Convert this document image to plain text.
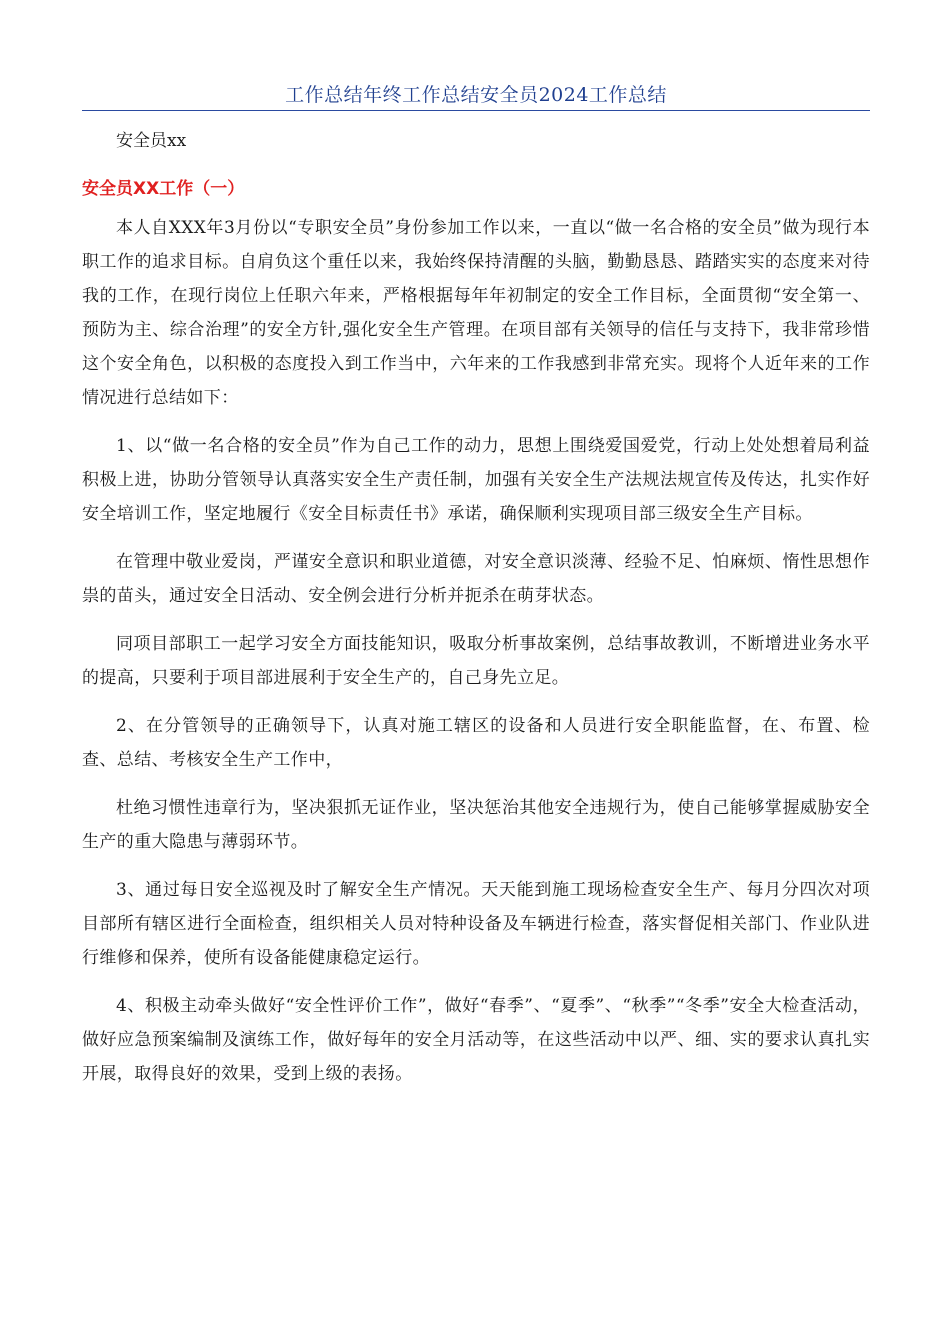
工作总结年终工作总结安全员2024工作总结
安全员xx
安全员XX工作（一）

本人自XXX年3月份以“专职安全员”身份参加工作以来，一直以“做一名合格的安全员”做为现行本职工作的追求目标。自肩负这个重任以来，我始终保持清醒的头脑，勤勤恳恳、踏踏实实的态度来对待我的工作，在现行岗位上任职六年来，严格根据每年年初制定的安全工作目标，全面贯彻“安全第一、预防为主、综合治理”的安全方针,强化安全生产管理。在项目部有关领导的信任与支持下，我非常珍惜这个安全角色，以积极的态度投入到工作当中，六年来的工作我感到非常充实。现将个人近年来的工作情况进行总结如下：

1、以“做一名合格的安全员”作为自己工作的动力，思想上围绕爱国爱党，行动上处处想着局利益积极上进，协助分管领导认真落实安全生产责任制，加强有关安全生产法规法规宣传及传达，扎实作好安全培训工作，坚定地履行《安全目标责任书》承诺，确保顺利实现项目部三级安全生产目标。

在管理中敬业爱岗，严谨安全意识和职业道德，对安全意识淡薄、经验不足、怕麻烦、惰性思想作祟的苗头，通过安全日活动、安全例会进行分析并扼杀在萌芽状态。

同项目部职工一起学习安全方面技能知识，吸取分析事故案例，总结事故教训，不断增进业务水平的提高，只要利于项目部进展利于安全生产的，自己身先立足。

2、在分管领导的正确领导下，认真对施工辖区的设备和人员进行安全职能监督，在、布置、检查、总结、考核安全生产工作中，

杜绝习惯性违章行为，坚决狠抓无证作业，坚决惩治其他安全违规行为，使自己能够掌握威胁安全生产的重大隐患与薄弱环节。

3、通过每日安全巡视及时了解安全生产情况。天天能到施工现场检查安全生产、每月分四次对项目部所有辖区进行全面检查，组织相关人员对特种设备及车辆进行检查，落实督促相关部门、作业队进行维修和保养，使所有设备能健康稳定运行。

4、积极主动牵头做好“安全性评价工作”，做好“春季”、“夏季”、“秋季”“冬季”安全大检查活动，做好应急预案编制及演练工作，做好每年的安全月活动等，在这些活动中以严、细、实的要求认真扎实开展，取得良好的效果，受到上级的表扬。
